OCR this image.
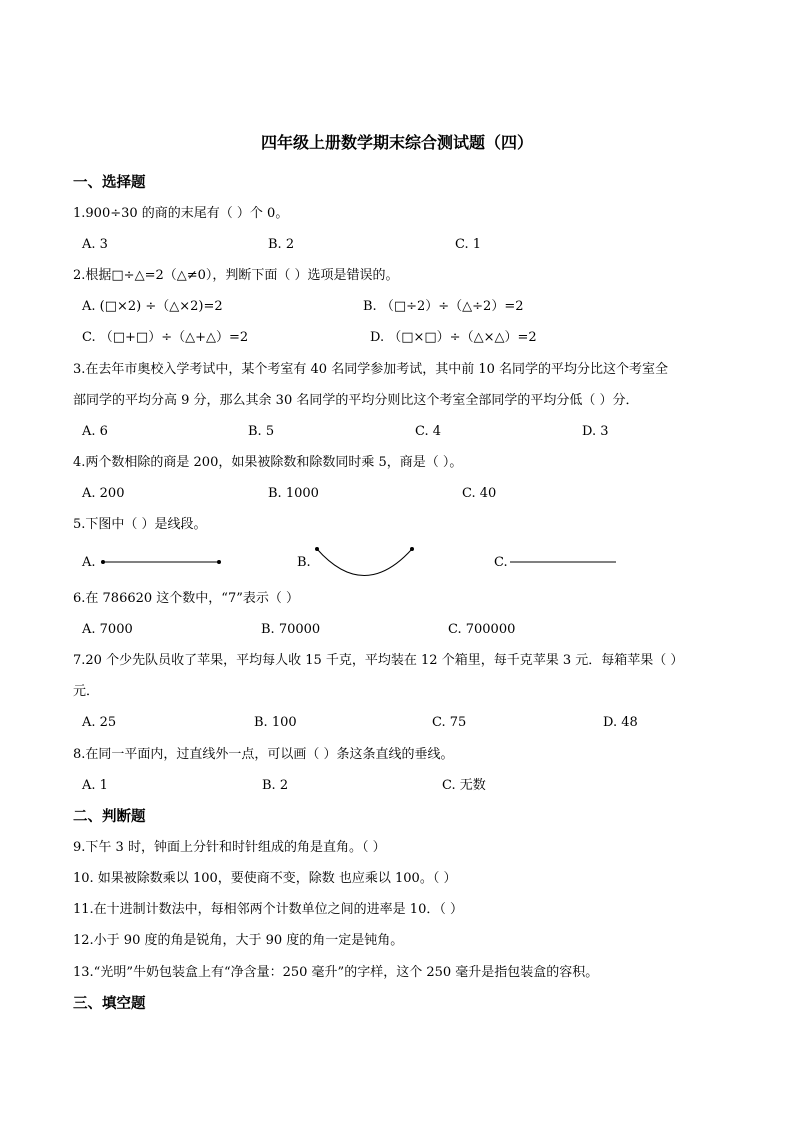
四年级上册数学期末综合测试题（四）
一、选择题
1.900÷30 的商的末尾有（ ）个 0。
A. 3	B. 2	C. 1
2.根据□÷△=2（△≠0），判断下面（ ）选项是错误的。
A. (□×2) ÷（△×2)=2	B. （□÷2）÷（△÷2）=2
C. （□+□）÷（△+△）=2	D. （□×□）÷（△×△）=2
3.在去年市奥校入学考试中，某个考室有 40 名同学参加考试，其中前 10 名同学的平均分比这个考室全
部同学的平均分高 9 分，那么其余 30 名同学的平均分则比这个考室全部同学的平均分低（ ）分．
A. 6	B. 5	C. 4	D. 3
4.两个数相除的商是 200，如果被除数和除数同时乘 5，商是（ ）。
A. 200	B. 1000	C. 40
5.下图中（ ）是线段。
A.	B.	C.
6.在 786620 这个数中，“7”表示（ ）
A. 7000	B. 70000	C. 700000
7.20 个少先队员收了苹果，平均每人收 15 千克，平均装在 12 个箱里，每千克苹果 3 元．每箱苹果（ ）
元．
A. 25	B. 100	C. 75	D. 48
8.在同一平面内，过直线外一点，可以画（ ）条这条直线的垂线。
A. 1	B. 2	C. 无数
二、判断题
9.下午 3 时，钟面上分针和时针组成的角是直角。（ ）
10. 如果被除数乘以 100，要使商不变，除数 也应乘以 100。（ ）
11.在十进制计数法中，每相邻两个计数单位之间的进率是 10．（ ）
12.小于 90 度的角是锐角，大于 90 度的角一定是钝角。
13.“光明”牛奶包装盒上有“净含量：250 毫升”的字样，这个 250 毫升是指包装盒的容积。
三、填空题
